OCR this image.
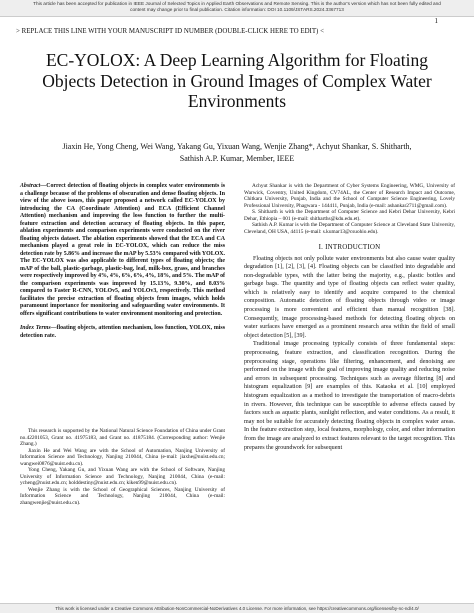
This article has been accepted for publication in IEEE Journal of Selected Topics in Applied Earth Observations and Remote Sensing. This is the author's version which has not been fully edited and
content may change prior to final publication. Citation information: DOI 10.1109/JSTARS.2024.3367713
1
> REPLACE THIS LINE WITH YOUR MANUSCRIPT ID NUMBER (DOUBLE-CLICK HERE TO EDIT) <
EC-YOLOX: A Deep Learning Algorithm for Floating Objects Detection in Ground Images of Complex Water Environments
Jiaxin He, Yong Cheng, Wei Wang, Yakang Gu, Yixuan Wang, Wenjie Zhang*, Achyut Shankar, S. Shitharth,
Sathish A.P. Kumar, Member, IEEE

Abstract—Correct detection of floating objects in complex water environments is a challenge because of the problems of obscuration and dense floating objects. In view of the above issues, this paper proposed a network called EC-YOLOX by introducing the CA (Coordinate Attention) and ECA (Efficient Channel Attention) mechanism and improving the loss function to further the multi-feature extraction and detection accuracy of floating objects. In this paper, ablation experiments and comparison experiments were conducted on the river floating objects dataset. The ablation experiments showed that the ECA and CA mechanism played a great role in EC-YOLOX, which can reduce the miss detection rate by 5.86% and increase the mAP by 5.53% compared with YOLOX. The EC-YOLOX was also applicable to different types of floating objects; the mAP of the ball, plastic-garbage, plastic-bag, leaf, milk-box, grass, and branches were respectively improved by 4%, 4%, 6%, 6%, 4%, 18%, and 5%. The mAP of the comparison experiments was improved by 15.13%, 9.30%, and 8.03% compared to Faster R-CNN, YOLOv5, and YOLOv3, respectively. This method facilitates the precise extraction of floating objects from images, which holds paramount importance for monitoring and safeguarding water environments. It offers significant contributions to water environment monitoring and protection.

Index Terms—floating objects, attention mechanism, loss function, YOLOX, miss detection rate.

This research is supported by the National Natural Science Foundation of China under Grant no.42201053, Grant no. 41975183, and Grant no. 41875184. (Corresponding author: Wenjie Zhang.)

Jiaxin He and Wei Wang are with the School of Automation, Nanjing University of Information Science and Technology, Nanjing 210044, China (e-mail: jiaxhe@nuist.edu.cn; wangwei0876@nuist.edu.cn).

Yong Cheng, Yakang Gu, and Yixuan Wang are with the School of Software, Nanjing University of Information Science and Technology, Nanjing 210044, China (e-mail: ycheng@nuist.edu.cn; holddestiny@nuist.edu.cn; kiken99@nuist.edu.cn).

Wenjie Zhang is with the School of Geographical Sciences, Nanjing University of Information Science and Technology, Nanjing 210044, China (e-mail: zhangwenjie@nuist.edu.cn).

Achyut Shankar is with the Department of Cyber Systems Engineering, WMG, University of Warwick, Coventry, United Kingdom, CV74AL, the Center of Research Impact and Outcome, Chitkara University, Punjab, India and the School of Computer Science Engineering, Lovely Professional University, Phagwara - 144411, Punjab, India (e-mail: ashankar2711@gmail.com).

S. Shitharth is with the Department of Computer Science and Kebri Dehar University, Kebri Dehar, Ethiopia – 001 (e-mail: shitharths@kdu.edu.et).

Sathish A.P. Kumar is with the Department of Computer Science at Cleveland State University, Cleveland, OH USA, 44115 (e-mail: s.kumar13@csuohio.edu).

I. INTRODUCTION

Floating objects not only pollute water environments but also cause water quality degradation [1], [2], [3], [4]. Floating objects can be classified into degradable and non-degradable types, with the latter being the majority, e.g., plastic bottles and garbage bags. The quantity and type of floating objects can reflect water quality, which is relatively easy to identify and acquire compared to the chemical composition. Automatic detection of floating objects through video or image processing is more convenient and efficient than manual recognition [38]. Consequently, image processing-based methods for detecting floating objects on water surfaces have emerged as a prominent research area within the field of small object detection [5], [39].

Traditional image processing typically consists of three fundamental steps: preprocessing, feature extraction, and classification recognition. During the preprocessing stage, operations like filtering, enhancement, and denoising are performed on the image with the goal of improving image quality and reducing noise and errors in subsequent processing. Techniques such as average filtering [8] and histogram equalization [9] are examples of this. Kataoka et al. [10] employed histogram equalization as a method to investigate the transportation of macro-debris in rivers. However, this technique can be susceptible to adverse effects caused by factors such as aquatic plants, sunlight reflection, and water conditions. As a result, it may not be suitable for accurately detecting floating objects in complex water areas. In the feature extraction step, local features, morphology, color, and other information from the image are analyzed to extract features relevant to the target recognition. This prepares the groundwork for subsequent

This work is licensed under a Creative Commons Attribution-NonCommercial-NoDerivatives 4.0 License. For more information, see https://creativecommons.org/licenses/by-nc-nd/4.0/
